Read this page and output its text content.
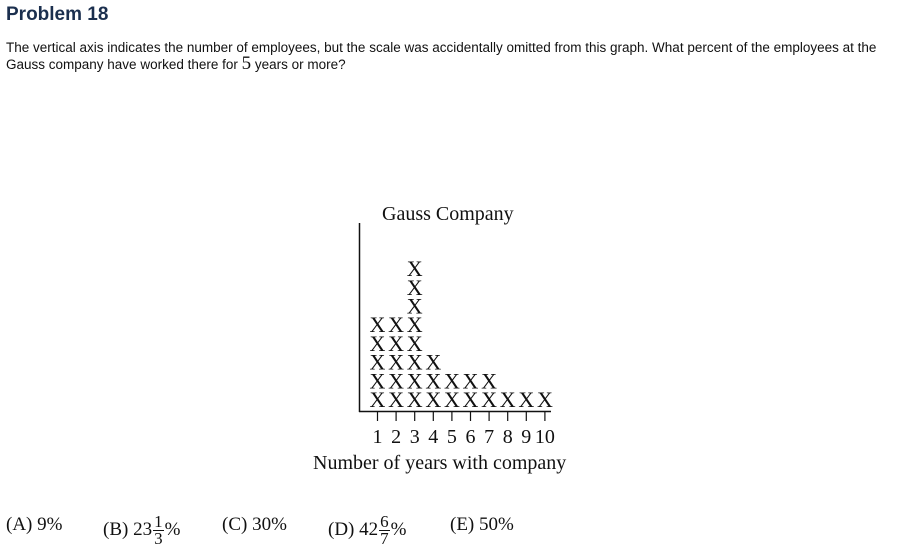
Problem 18
The vertical axis indicates the number of employees, but the scale was accidentally omitted from this graph. What percent of the employees at the Gauss company have worked there for 5 years or more?
Gauss Company
X
X
X
X
X
X
X
X
X
X
X
X
X
X
X
X
X
X
X
X
X
X
X
X
X
X
X
X X X
1 2 3 4 5 6 7 8 9 10
Number of years with company
(A) 9% (B) $23 \frac{1}{3}$ % (C) 30% (D) $42 \frac{6}{7}$ % (E) 50%
